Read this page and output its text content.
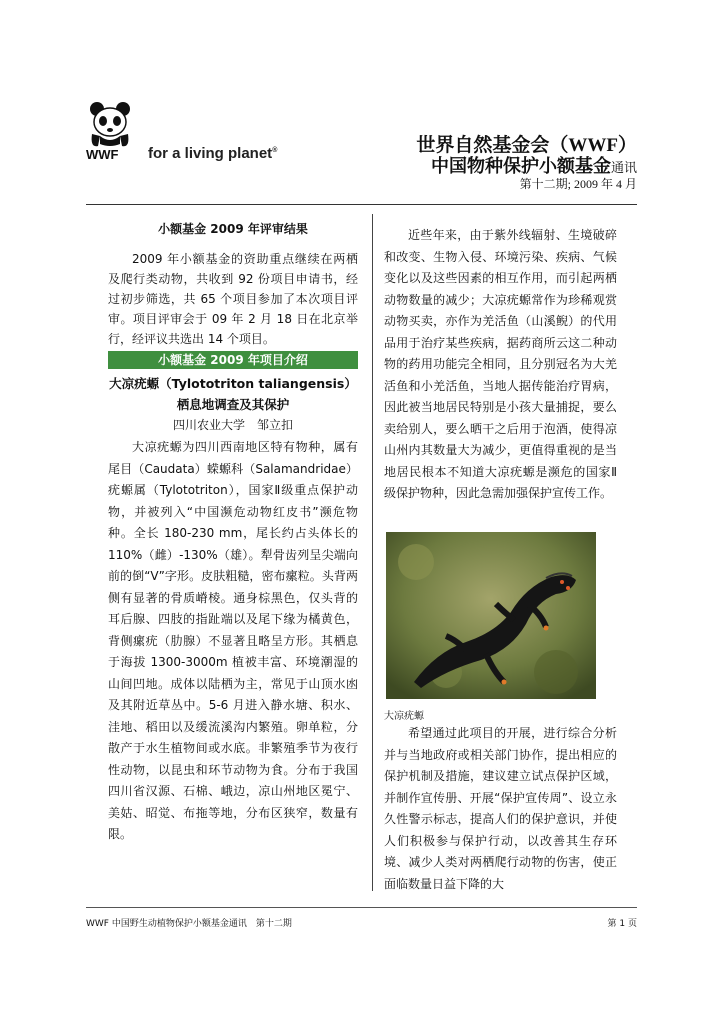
WWF for a living planet®	世界自然基金会（WWF）
中国物种保护小额基金通讯
第十二期; 2009 年 4 月
小额基金 2009 年评审结果
2009 年小额基金的资助重点继续在两栖及爬行类动物，共收到 92 份项目申请书，经过初步筛选，共 65 个项目参加了本次项目评审。项目评审会于 09 年 2 月 18 日在北京举行，经评议共选出 14 个项目。
小额基金 2009 年项目介绍
大凉疣螈（Tylototriton taliangensis）栖息地调查及其保护
四川农业大学　邹立扣
大凉疣螈为四川西南地区特有物种，属有尾目（Caudata）蝾螈科（Salamandridae）疣螈属（Tylototriton），国家Ⅱ级重点保护动物，并被列入“中国濒危动物红皮书”濒危物种。全长 180-230 mm，尾长约占头体长的 110%（雌）-130%（雄）。犁骨齿列呈尖端向前的倒“V”字形。皮肤粗糙，密布瘰粒。头背两侧有显著的骨质嵴棱。通身棕黑色，仅头背的耳后腺、四肢的指趾端以及尾下缘为橘黄色，背侧瘰疣（肋腺）不显著且略呈方形。其栖息于海拔 1300-3000m 植被丰富、环境潮湿的山间凹地。成体以陆栖为主，常见于山顶水凼及其附近草丛中。5-6 月进入静水塘、积水、洼地、稻田以及缓流溪沟内繁殖。卵单粒，分散产于水生植物间或水底。非繁殖季节为夜行性动物，以昆虫和环节动物为食。分布于我国四川省汉源、石棉、峨边，凉山州地区冕宁、美姑、昭觉、布拖等地，分布区狭窄，数量有限。
近些年来，由于紫外线辐射、生境破碎和改变、生物入侵、环境污染、疾病、气候变化以及这些因素的相互作用，而引起两栖动物数量的减少；大凉疣螈常作为珍稀观赏动物买卖，亦作为羌活鱼（山溪鲵）的代用品用于治疗某些疾病，据药商所云这二种动物的药用功能完全相同，且分别冠名为大羌活鱼和小羌活鱼，当地人据传能治疗胃病，因此被当地居民特别是小孩大量捕捉，要么卖给别人，要么晒干之后用于泡酒，使得凉山州内其数量大为减少，更值得重视的是当地居民根本不知道大凉疣螈是濒危的国家Ⅱ级保护物种，因此急需加强保护宣传工作。
大凉疣螈
希望通过此项目的开展，进行综合分析并与当地政府或相关部门协作，提出相应的保护机制及措施，建议建立试点保护区域，并制作宣传册、开展“保护宣传周”、设立永久性警示标志，提高人们的保护意识，并使人们积极参与保护行动，以改善其生存环境、减少人类对两栖爬行动物的伤害，使正面临数量日益下降的大
WWF 中国野生动植物保护小额基金通讯　第十二期	第 1 页
